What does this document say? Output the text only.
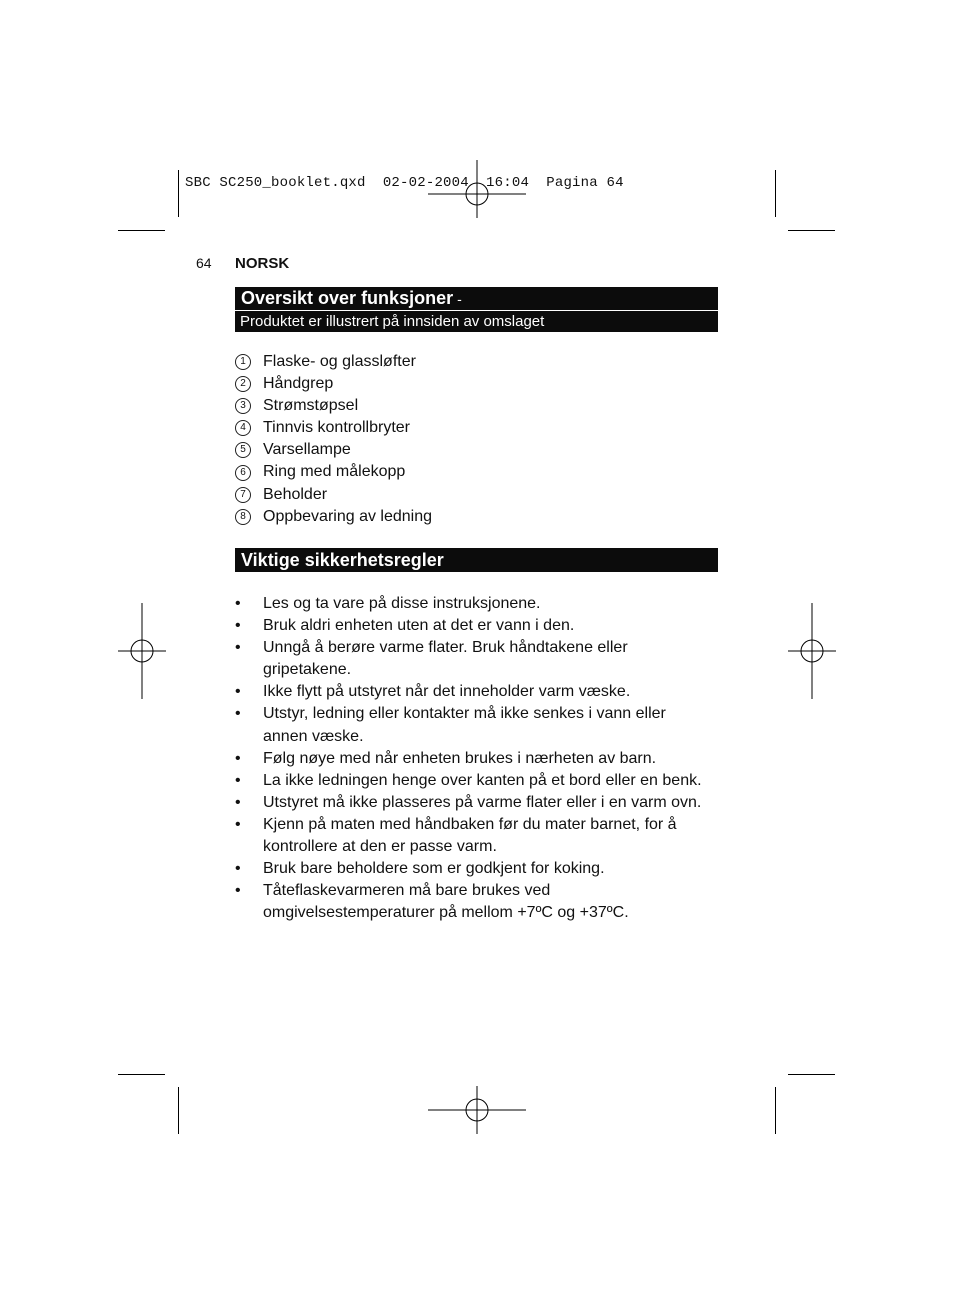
SBC SC250_booklet.qxd  02-02-2004  16:04  Pagina 64
64 NORSK
Oversikt over funksjoner -
Produktet er illustrert på innsiden av omslaget
1	Flaske- og glassløfter
2	Håndgrep
3	Strømstøpsel
4	Tinnvis kontrollbryter
5	Varsellampe
6	Ring med målekopp
7	Beholder
8	Oppbevaring av ledning
Viktige sikkerhetsregler
• Les og ta vare på disse instruksjonene.
• Bruk aldri enheten uten at det er vann i den.
• Unngå å berøre varme flater. Bruk håndtakene eller gripetakene.
• Ikke flytt på utstyret når det inneholder varm væske.
• Utstyr, ledning eller kontakter må ikke senkes i vann eller annen væske.
• Følg nøye med når enheten brukes i nærheten av barn.
• La ikke ledningen henge over kanten på et bord eller en benk.
• Utstyret må ikke plasseres på varme flater eller i en varm ovn.
• Kjenn på maten med håndbaken før du mater barnet, for å kontrollere at den er passe varm.
• Bruk bare beholdere som er godkjent for koking.
• Tåteflaskevarmeren må bare brukes ved omgivelsestemperaturer på mellom +7ºC og +37ºC.
